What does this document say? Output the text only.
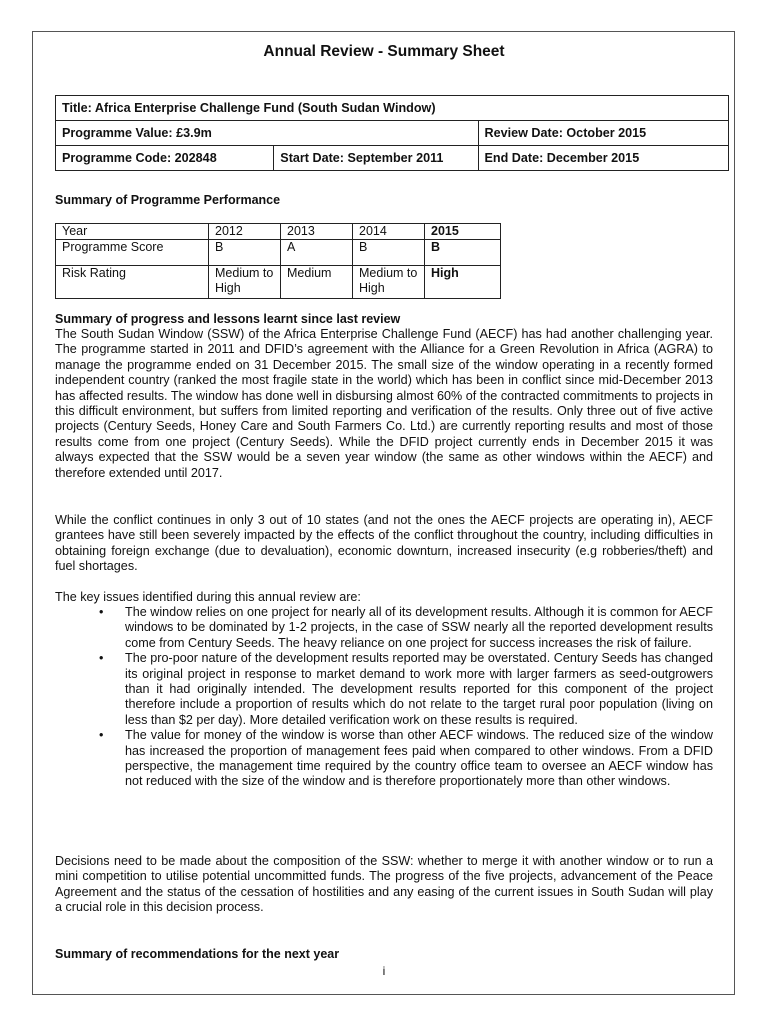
Annual Review - Summary Sheet
Title: Africa Enterprise Challenge Fund (South Sudan Window)		
Programme Value: £3.9m		Review Date: October 2015
Programme Code: 202848	Start Date: September 2011	End Date: December 2015
Summary of Programme Performance
Year	2012	2013	2014	2015
Programme Score	B	A	B	B
Risk Rating	Medium to High	Medium	Medium to High	High
Summary of progress and lessons learnt since last review

The South Sudan Window (SSW) of the Africa Enterprise Challenge Fund (AECF) has had another challenging year. The programme started in 2011 and DFID’s agreement with the Alliance for a Green Revolution in Africa (AGRA) to manage the programme ended on 31 December 2015. The small size of the window operating in a recently formed independent country (ranked the most fragile state in the world) which has been in conflict since mid-December 2013 has affected results. The window has done well in disbursing almost 60% of the contracted commitments to projects in this difficult environment, but suffers from limited reporting and verification of the results. Only three out of five active projects (Century Seeds, Honey Care and South Farmers Co. Ltd.) are currently reporting results and most of those results come from one project (Century Seeds). While the DFID project currently ends in December 2015 it was always expected that the SSW would be a seven year window (the same as other windows within the AECF) and therefore extended until 2017.

While the conflict continues in only 3 out of 10 states (and not the ones the AECF projects are operating in), AECF grantees have still been severely impacted by the effects of the conflict throughout the country, including difficulties in obtaining foreign exchange (due to devaluation), economic downturn, increased insecurity (e.g robberies/theft) and fuel shortages.

The key issues identified during this annual review are:

• The window relies on one project for nearly all of its development results. Although it is common for AECF windows to be dominated by 1-2 projects, in the case of SSW nearly all the reported development results come from Century Seeds. The heavy reliance on one project for success increases the risk of failure.
• The pro-poor nature of the development results reported may be overstated. Century Seeds has changed its original project in response to market demand to work more with larger farmers as seed-outgrowers than it had originally intended. The development results reported for this component of the project therefore include a proportion of results which do not relate to the target rural poor population (living on less than $2 per day). More detailed verification work on these results is required.
• The value for money of the window is worse than other AECF windows. The reduced size of the window has increased the proportion of management fees paid when compared to other windows. From a DFID perspective, the management time required by the country office team to oversee an AECF window has not reduced with the size of the window and is therefore proportionately more than other windows.

Decisions need to be made about the composition of the SSW: whether to merge it with another window or to run a mini competition to utilise potential uncommitted funds. The progress of the five projects, advancement of the Peace Agreement and the status of the cessation of hostilities and any easing of the current issues in South Sudan will play a crucial role in this decision process.

Summary of recommendations for the next year
i
